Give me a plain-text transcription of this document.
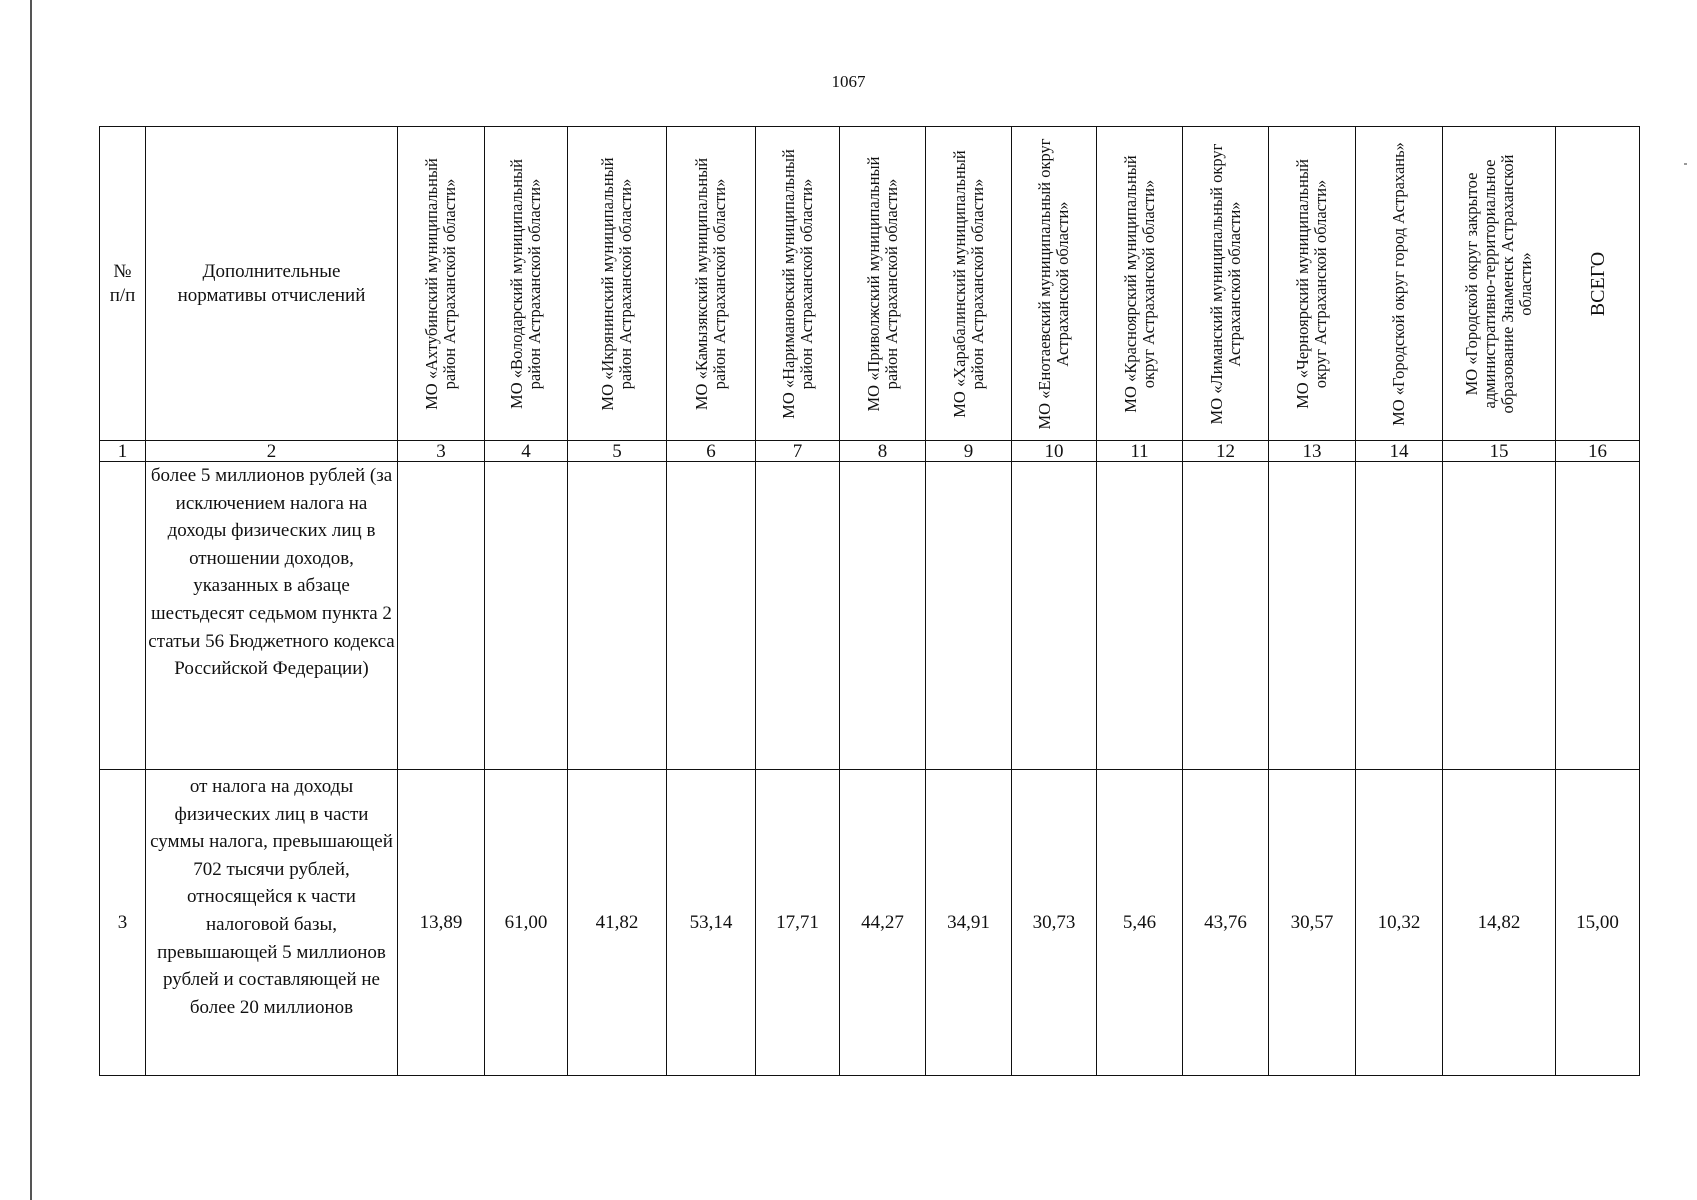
1067
№
п/п	Дополнительные нормативы отчислений	МО «Ахтубинский муниципальный район Астраханской области»	МО «Володарский муниципальный район Астраханской области»	МО «Икрянинский муниципальный район Астраханской области»	МО «Камызякский муниципальный район Астраханской области»	МО «Наримановский муниципальный район Астраханской области»	МО «Приволжский муниципальный район Астраханской области»	МО «Харабалинский муниципальный район Астраханской области»	МО «Енотаевский муниципальный округ Астраханской области»	МО «Красноярский муниципальный округ Астраханской области»	МО «Лиманский муниципальный округ Астраханской области»	МО «Черноярский муниципальный округ Астраханской области»	МО «Городской округ город Астрахань»	МО «Городской округ закрытое административно-территориальное образование Знаменск Астраханской области»	ВСЕГО

1	2	3	4	5	6	7	8	9	10	11	12	13	14	15	16
	более 5 миллионов рублей (за исключением налога на доходы физических лиц в отношении доходов, указанных в абзаце шестьдесят седьмом пункта 2 статьи 56 Бюджетного кодекса Российской Федерации)														
3	от налога на доходы физических лиц в части суммы налога, превышающей 702 тысячи рублей, относящейся к части налоговой базы, превышающей 5 миллионов рублей и составляющей не более 20 миллионов	13,89	61,00	41,82	53,14	17,71	44,27	34,91	30,73	5,46	43,76	30,57	10,32	14,82	15,00
